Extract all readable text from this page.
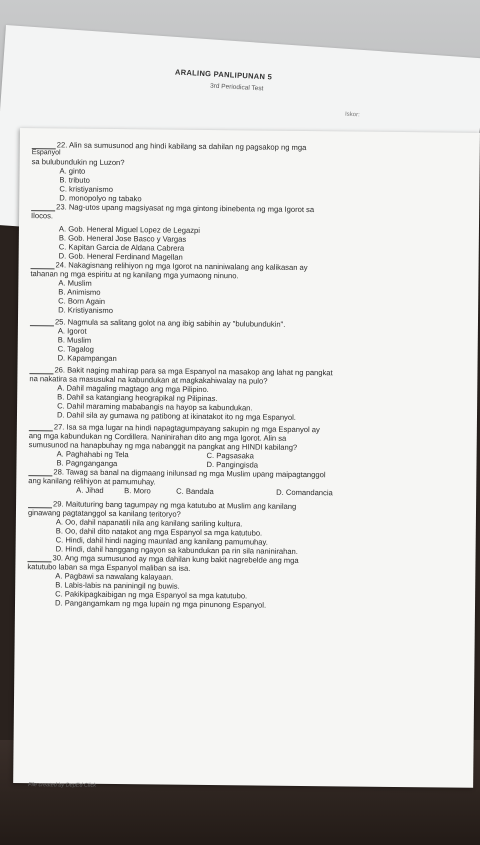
ARALING PANLIPUNAN 5
3rd Periodical Test
Iskor:
22. Alin sa sumusunod ang hindi kabilang sa dahilan ng pagsakop ng mga
Espanyol
sa bulubundukin ng Luzon?
A. ginto
B. tributo
C. kristiyanismo
D. monopolyo ng tabako
23. Nag-utos upang magsiyasat ng mga gintong ibinebenta ng mga Igorot sa
Ilocos.
A. Gob. Heneral Miguel Lopez de Legazpi
B. Gob. Heneral Jose Basco y Vargas
C. Kapitan Garcia de Aldana Cabrera
D. Gob. Heneral Ferdinand Magellan
24. Nakagisnang relihiyon ng mga Igorot na naniniwalang ang kalikasan ay
tahanan ng mga espiritu at ng kanilang mga yumaong ninuno.
A. Muslim
B. Animismo
C. Born Again
D. Kristiyanismo
25. Nagmula sa salitang golot na ang ibig sabihin ay "bulubundukin".
A. Igorot
B. Muslim
C. Tagalog
D. Kapampangan
26. Bakit naging mahirap para sa mga Espanyol na masakop ang lahat ng pangkat
na nakatira sa masusukal na kabundukan at magkakahiwalay na pulo?
A. Dahil magaling magtago ang mga Pilipino.
B. Dahil sa katangiang heograpikal ng Pilipinas.
C. Dahil maraming mababangis na hayop sa kabundukan.
D. Dahil sila ay gumawa ng patibong at ikinatakot ito ng mga Espanyol.
27. Isa sa mga lugar na hindi napagtagumpayang sakupin ng mga Espanyol ay
ang mga kabundukan ng Cordillera. Naninirahan dito ang mga Igorot. Alin sa
sumusunod na hanapbuhay ng mga nabanggit na pangkat ang HINDI kabilang?
A. Paghahabi ng Tela	C. Pagsasaka
B. Pagnganganga	D. Pangingisda
28. Tawag sa banal na digmaang inilunsad ng mga Muslim upang maipagtanggol
ang kanilang relihiyon at pamumuhay.
A. Jihad	B. Moro	C. Bandala	D. Comandancia
29. Maituturing bang tagumpay ng mga katutubo at Muslim ang kanilang
ginawang pagtatanggol sa kanilang teritoryo?
A. Oo, dahil napanatili nila ang kanilang sariling kultura.
B. Oo, dahil dito natakot ang mga Espanyol sa mga katutubo.
C. Hindi, dahil hindi naging maunlad ang kanilang pamumuhay.
D. Hindi, dahil hanggang ngayon sa kabundukan pa rin sila naninirahan.
30. Ang mga sumusunod ay mga dahilan kung bakit nagrebelde ang mga
katutubo laban sa mga Espanyol maliban sa isa.
A. Pagbawi sa nawalang kalayaan.
B. Labis-labis na paniningil ng buwis.
C. Pakikipagkaibigan ng mga Espanyol sa mga katutubo.
D. Pangangamkam ng mga lupain ng mga pinunong Espanyol.
File created by DepEd Click
